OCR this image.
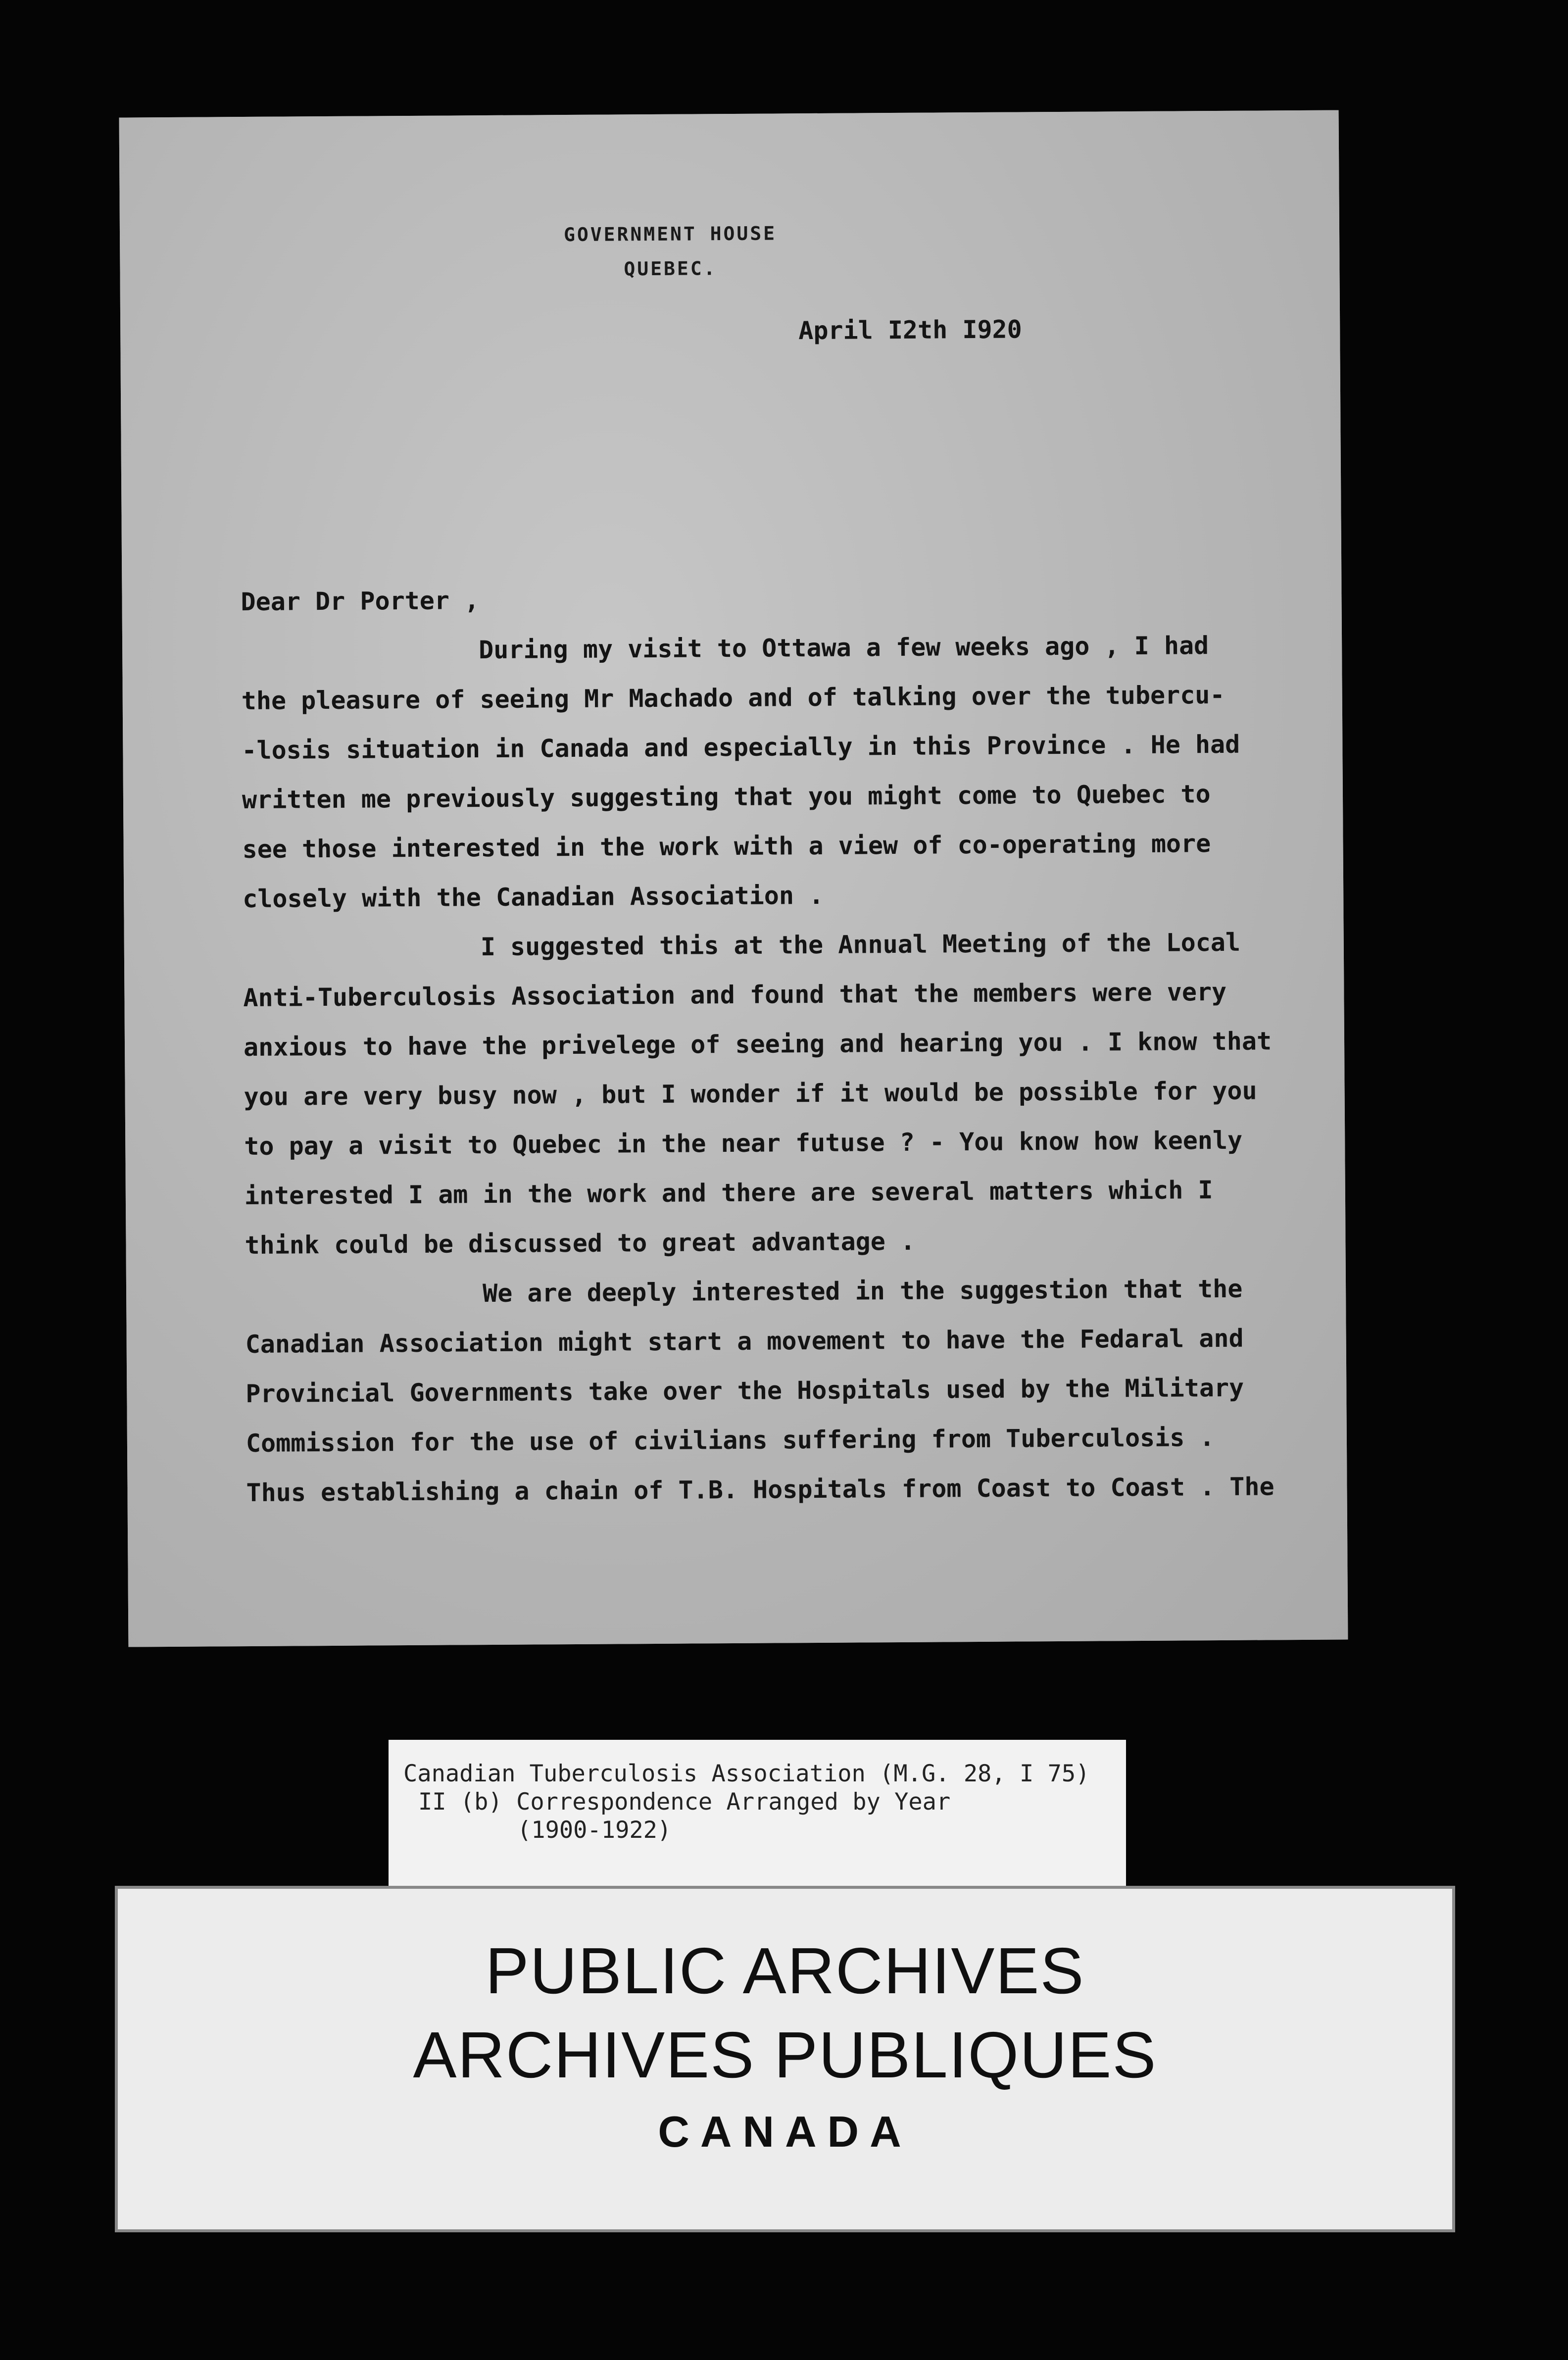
GOVERNMENT HOUSE
QUEBEC.
April I2th I920
Dear Dr Porter ,
During my visit to Ottawa a few weeks ago , I had
the pleasure of seeing Mr Machado and of talking over the tubercu-
-losis situation in Canada and especially in this Province . He had
written me previously suggesting that you might come to Quebec to
see those interested in the work with a view of co-operating more
closely with the Canadian Association .
I suggested this at the Annual Meeting of the Local
Anti-Tuberculosis Association and found that the members were very
anxious to have the privelege of seeing and hearing you . I know that
you are very busy now , but I wonder if it would be possible for you
to pay a visit to Quebec in the near futuse ? - You know how keenly
interested I am in the work and there are several matters which I
think could be discussed to great advantage .
We are deeply interested in the suggestion that the
Canadian Association might start a movement to have the Fedaral and
Provincial Governments take over the Hospitals used by the Military
Commission for the use of civilians suffering from Tuberculosis .
Thus establishing a chain of T.B. Hospitals from Coast to Coast . The
Canadian Tuberculosis Association (M.G. 28, I 75)
II (b) Correspondence Arranged by Year
(1900-1922)
PUBLIC ARCHIVES
ARCHIVES PUBLIQUES
CANADA
